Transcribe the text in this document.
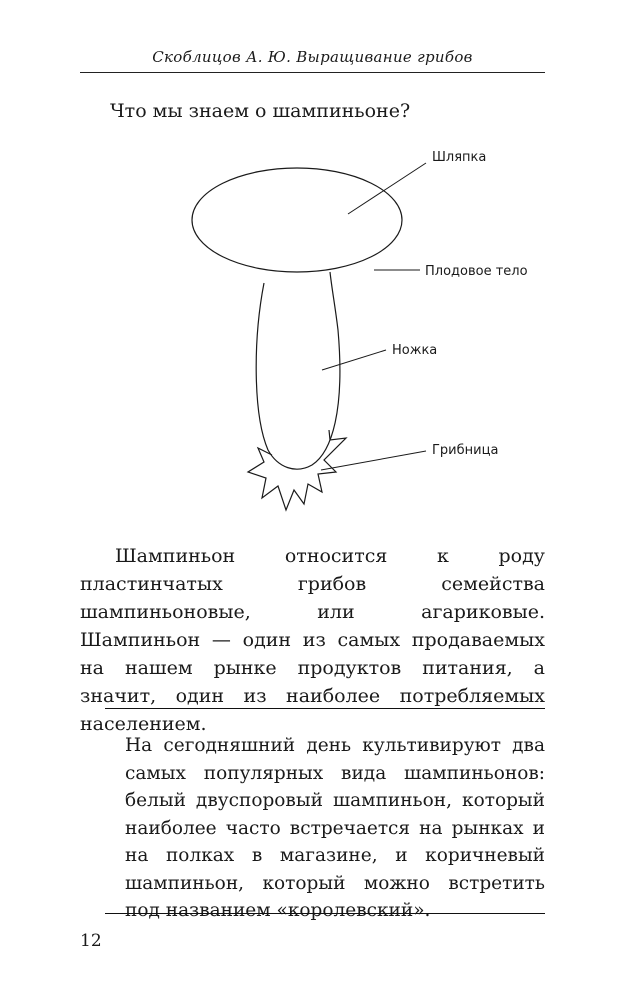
Скоблицов А. Ю. Выращивание грибов
Что мы знаем о шампиньоне?
Шляпка
Плодовое тело
Ножка
Грибница

Шампиньон относится к роду пластинчатых грибов семейства шампиньоновые, или агариковые. Шампиньон — один из самых продаваемых на нашем рынке продуктов питания, а значит, один из наиболее потребляемых населением.

На сегодняшний день культивируют два самых популярных вида шампиньонов: белый двуспоровый шампиньон, который наиболее часто встречается на рынках и на полках в магазине, и коричневый шампиньон, который можно встретить под названием «королевский».

12
